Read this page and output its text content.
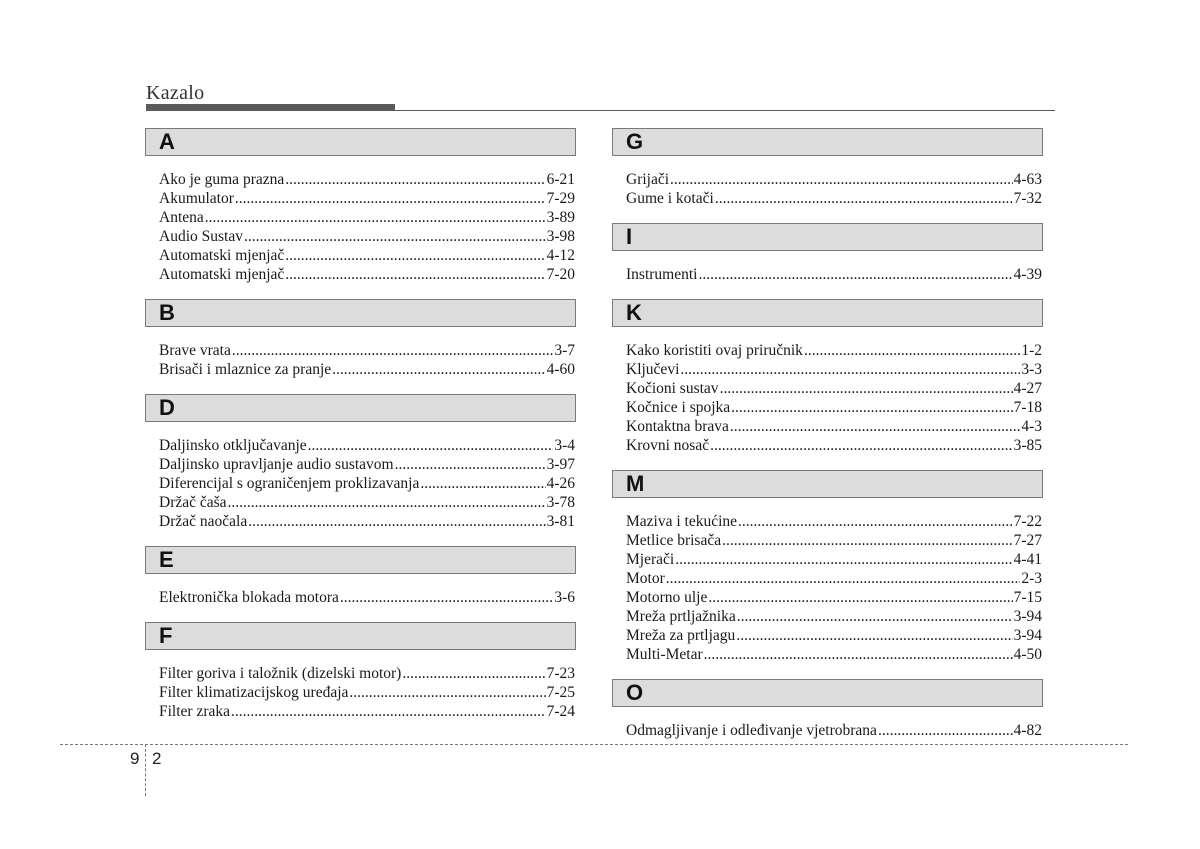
Kazalo
A
Ako je guma prazna .....	6-21
Akumulator .....	7-29
Antena .....	3-89
Audio Sustav .....	3-98
Automatski mjenjač .....	4-12
Automatski mjenjač .....	7-20
B
Brave vrata .....	3-7
Brisači i mlaznice za pranje .....	4-60
D
Daljinsko otključavanje .....	3-4
Daljinsko upravljanje audio sustavom .....	3-97
Diferencijal s ograničenjem proklizavanja .....	4-26
Držač čaša .....	3-78
Držač naočala .....	3-81
E
Elektronička blokada motora .....	3-6
F
Filter goriva i taložnik (dizelski motor) .....	7-23
Filter klimatizacijskog uređaja .....	7-25
Filter zraka .....	7-24
G
Grijači .....	4-63
Gume i kotači .....	7-32
I
Instrumenti .....	4-39
K
Kako koristiti ovaj priručnik .....	1-2
Ključevi .....	3-3
Kočioni sustav .....	4-27
Kočnice i spojka .....	7-18
Kontaktna brava .....	4-3
Krovni nosač .....	3-85
M
Maziva i tekućine .....	7-22
Metlice brisača .....	7-27
Mjerači .....	4-41
Motor .....	2-3
Motorno ulje .....	7-15
Mreža prtljažnika .....	3-94
Mreža za prtljagu .....	3-94
Multi-Metar .....	4-50
O
Odmagljivanje i odleđivanje vjetrobrana .....	4-82
9 2
